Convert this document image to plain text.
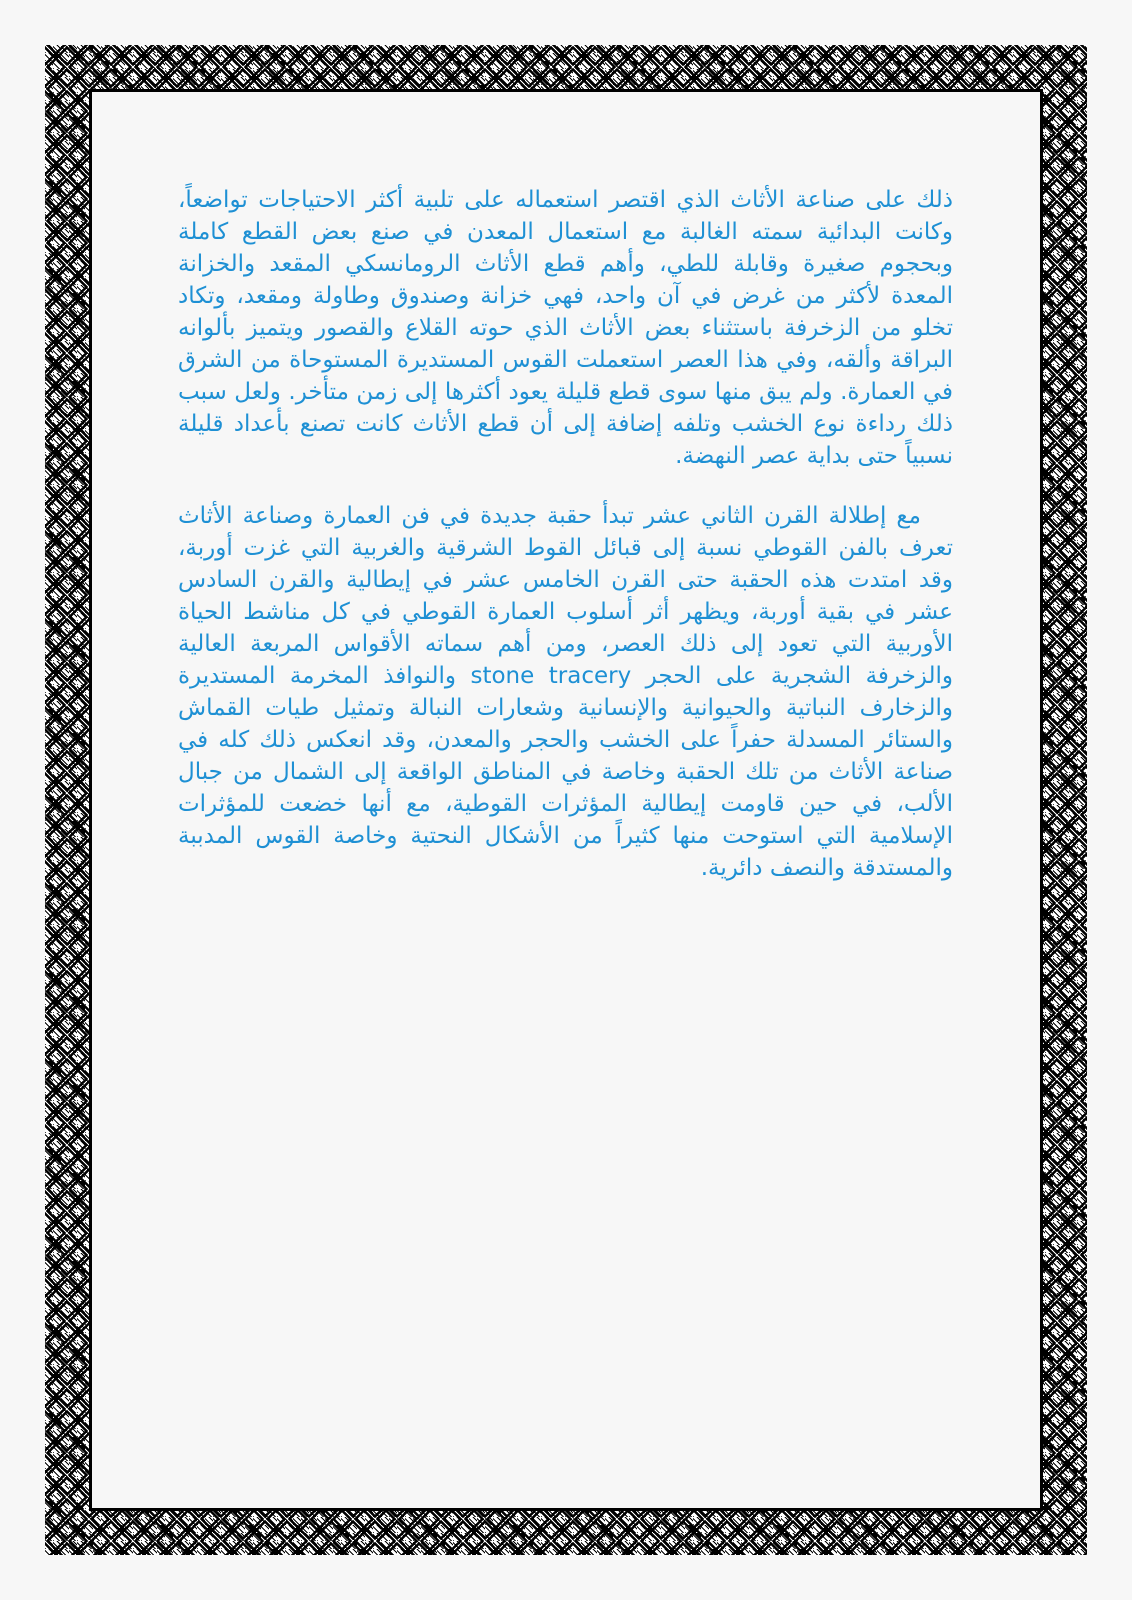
ذلك على صناعة الأثاث الذي اقتصر استعماله على تلبية أكثر الاحتياجات تواضعاً، وكانت البدائية سمته الغالبة مع استعمال المعدن في صنع بعض القطع كاملة وبحجوم صغيرة وقابلة للطي، وأهم قطع الأثاث الرومانسكي المقعد والخزانة المعدة لأكثر من غرض في آن واحد، فهي خزانة وصندوق وطاولة ومقعد، وتكاد تخلو من الزخرفة باستثناء بعض الأثاث الذي حوته القلاع والقصور ويتميز بألوانه البراقة وألقه، وفي هذا العصر استعملت القوس المستديرة المستوحاة من الشرق في العمارة. ولم يبق منها سوى قطع قليلة يعود أكثرها إلى زمن متأخر. ولعل سبب ذلك رداءة نوع الخشب وتلفه إضافة إلى أن قطع الأثاث كانت تصنع بأعداد قليلة نسبياً حتى بداية عصر النهضة.

مع إطلالة القرن الثاني عشر تبدأ حقبة جديدة في فن العمارة وصناعة الأثاث تعرف بالفن القوطي نسبة إلى قبائل القوط الشرقية والغربية التي غزت أوربة، وقد امتدت هذه الحقبة حتى القرن الخامس عشر في إيطالية والقرن السادس عشر في بقية أوربة، ويظهر أثر أسلوب العمارة القوطي في كل مناشط الحياة الأوربية التي تعود إلى ذلك العصر، ومن أهم سماته الأقواس المربعة العالية والزخرفة الشجرية على الحجر stone tracery والنوافذ المخرمة المستديرة والزخارف النباتية والحيوانية والإنسانية وشعارات النبالة وتمثيل طيات القماش والستائر المسدلة حفراً على الخشب والحجر والمعدن، وقد انعكس ذلك كله في صناعة الأثاث من تلك الحقبة وخاصة في المناطق الواقعة إلى الشمال من جبال الألب، في حين قاومت إيطالية المؤثرات القوطية، مع أنها خضعت للمؤثرات الإسلامية التي استوحت منها كثيراً من الأشكال النحتية وخاصة القوس المدببة والمستدقة والنصف دائرية.
